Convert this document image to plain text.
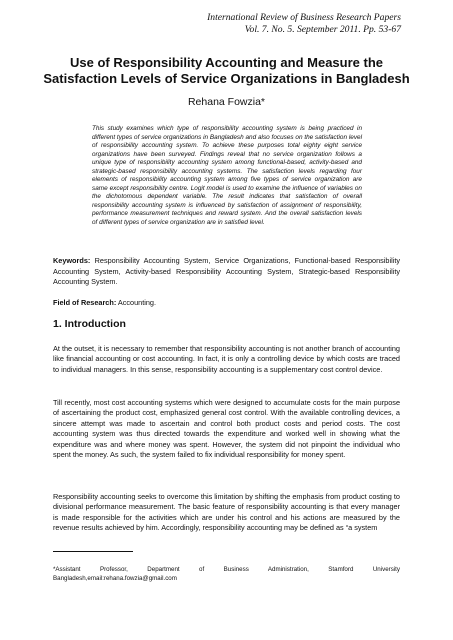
International Review of Business Research Papers
Vol. 7. No. 5. September 2011. Pp. 53-67
Use of Responsibility Accounting and Measure the Satisfaction Levels of Service Organizations in Bangladesh
Rehana Fowzia*
This study examines which type of responsibility accounting system is being practiced in different types of service organizations in Bangladesh and also focuses on the satisfaction level of responsibility accounting system. To achieve these purposes total eighty eight service organizations have been surveyed. Findings reveal that no service organization follows a unique type of responsibility accounting system among functional-based, activity-based and strategic-based responsibility accounting systems. The satisfaction levels regarding four elements of responsibility accounting system among five types of service organization are same except responsibility centre. Logit model is used to examine the influence of variables on the dichotomous dependent variable. The result indicates that satisfaction of overall responsibility accounting system is influenced by satisfaction of assignment of responsibility, performance measurement techniques and reward system. And the overall satisfaction levels of different types of service organization are in satisfied level.
Keywords: Responsibility Accounting System, Service Organizations, Functional-based Responsibility Accounting System, Activity-based Responsibility Accounting System, Strategic-based Responsibility Accounting System.
Field of Research: Accounting.
1. Introduction
At the outset, it is necessary to remember that responsibility accounting is not another branch of accounting like financial accounting or cost accounting. In fact, it is only a controlling device by which costs are traced to individual managers. In this sense, responsibility accounting is a supplementary cost control device.
Till recently, most cost accounting systems which were designed to accumulate costs for the main purpose of ascertaining the product cost, emphasized general cost control. With the available controlling devices, a sincere attempt was made to ascertain and control both product costs and period costs. The cost accounting system was thus directed towards the expenditure and worked well in showing what the expenditure was and where money was spent. However, the system did not pinpoint the individual who spent the money. As such, the system failed to fix individual responsibility for money spent.
Responsibility accounting seeks to overcome this limitation by shifting the emphasis from product costing to divisional performance measurement. The basic feature of responsibility accounting is that every manager is made responsible for the activities which are under his control and his actions are measured by the revenue results achieved by him. Accordingly, responsibility accounting may be defined as “a system
*Assistant Professor, Department of Business Administration, Stamford University Bangladesh,email:rehana.fowzia@gmail.com
